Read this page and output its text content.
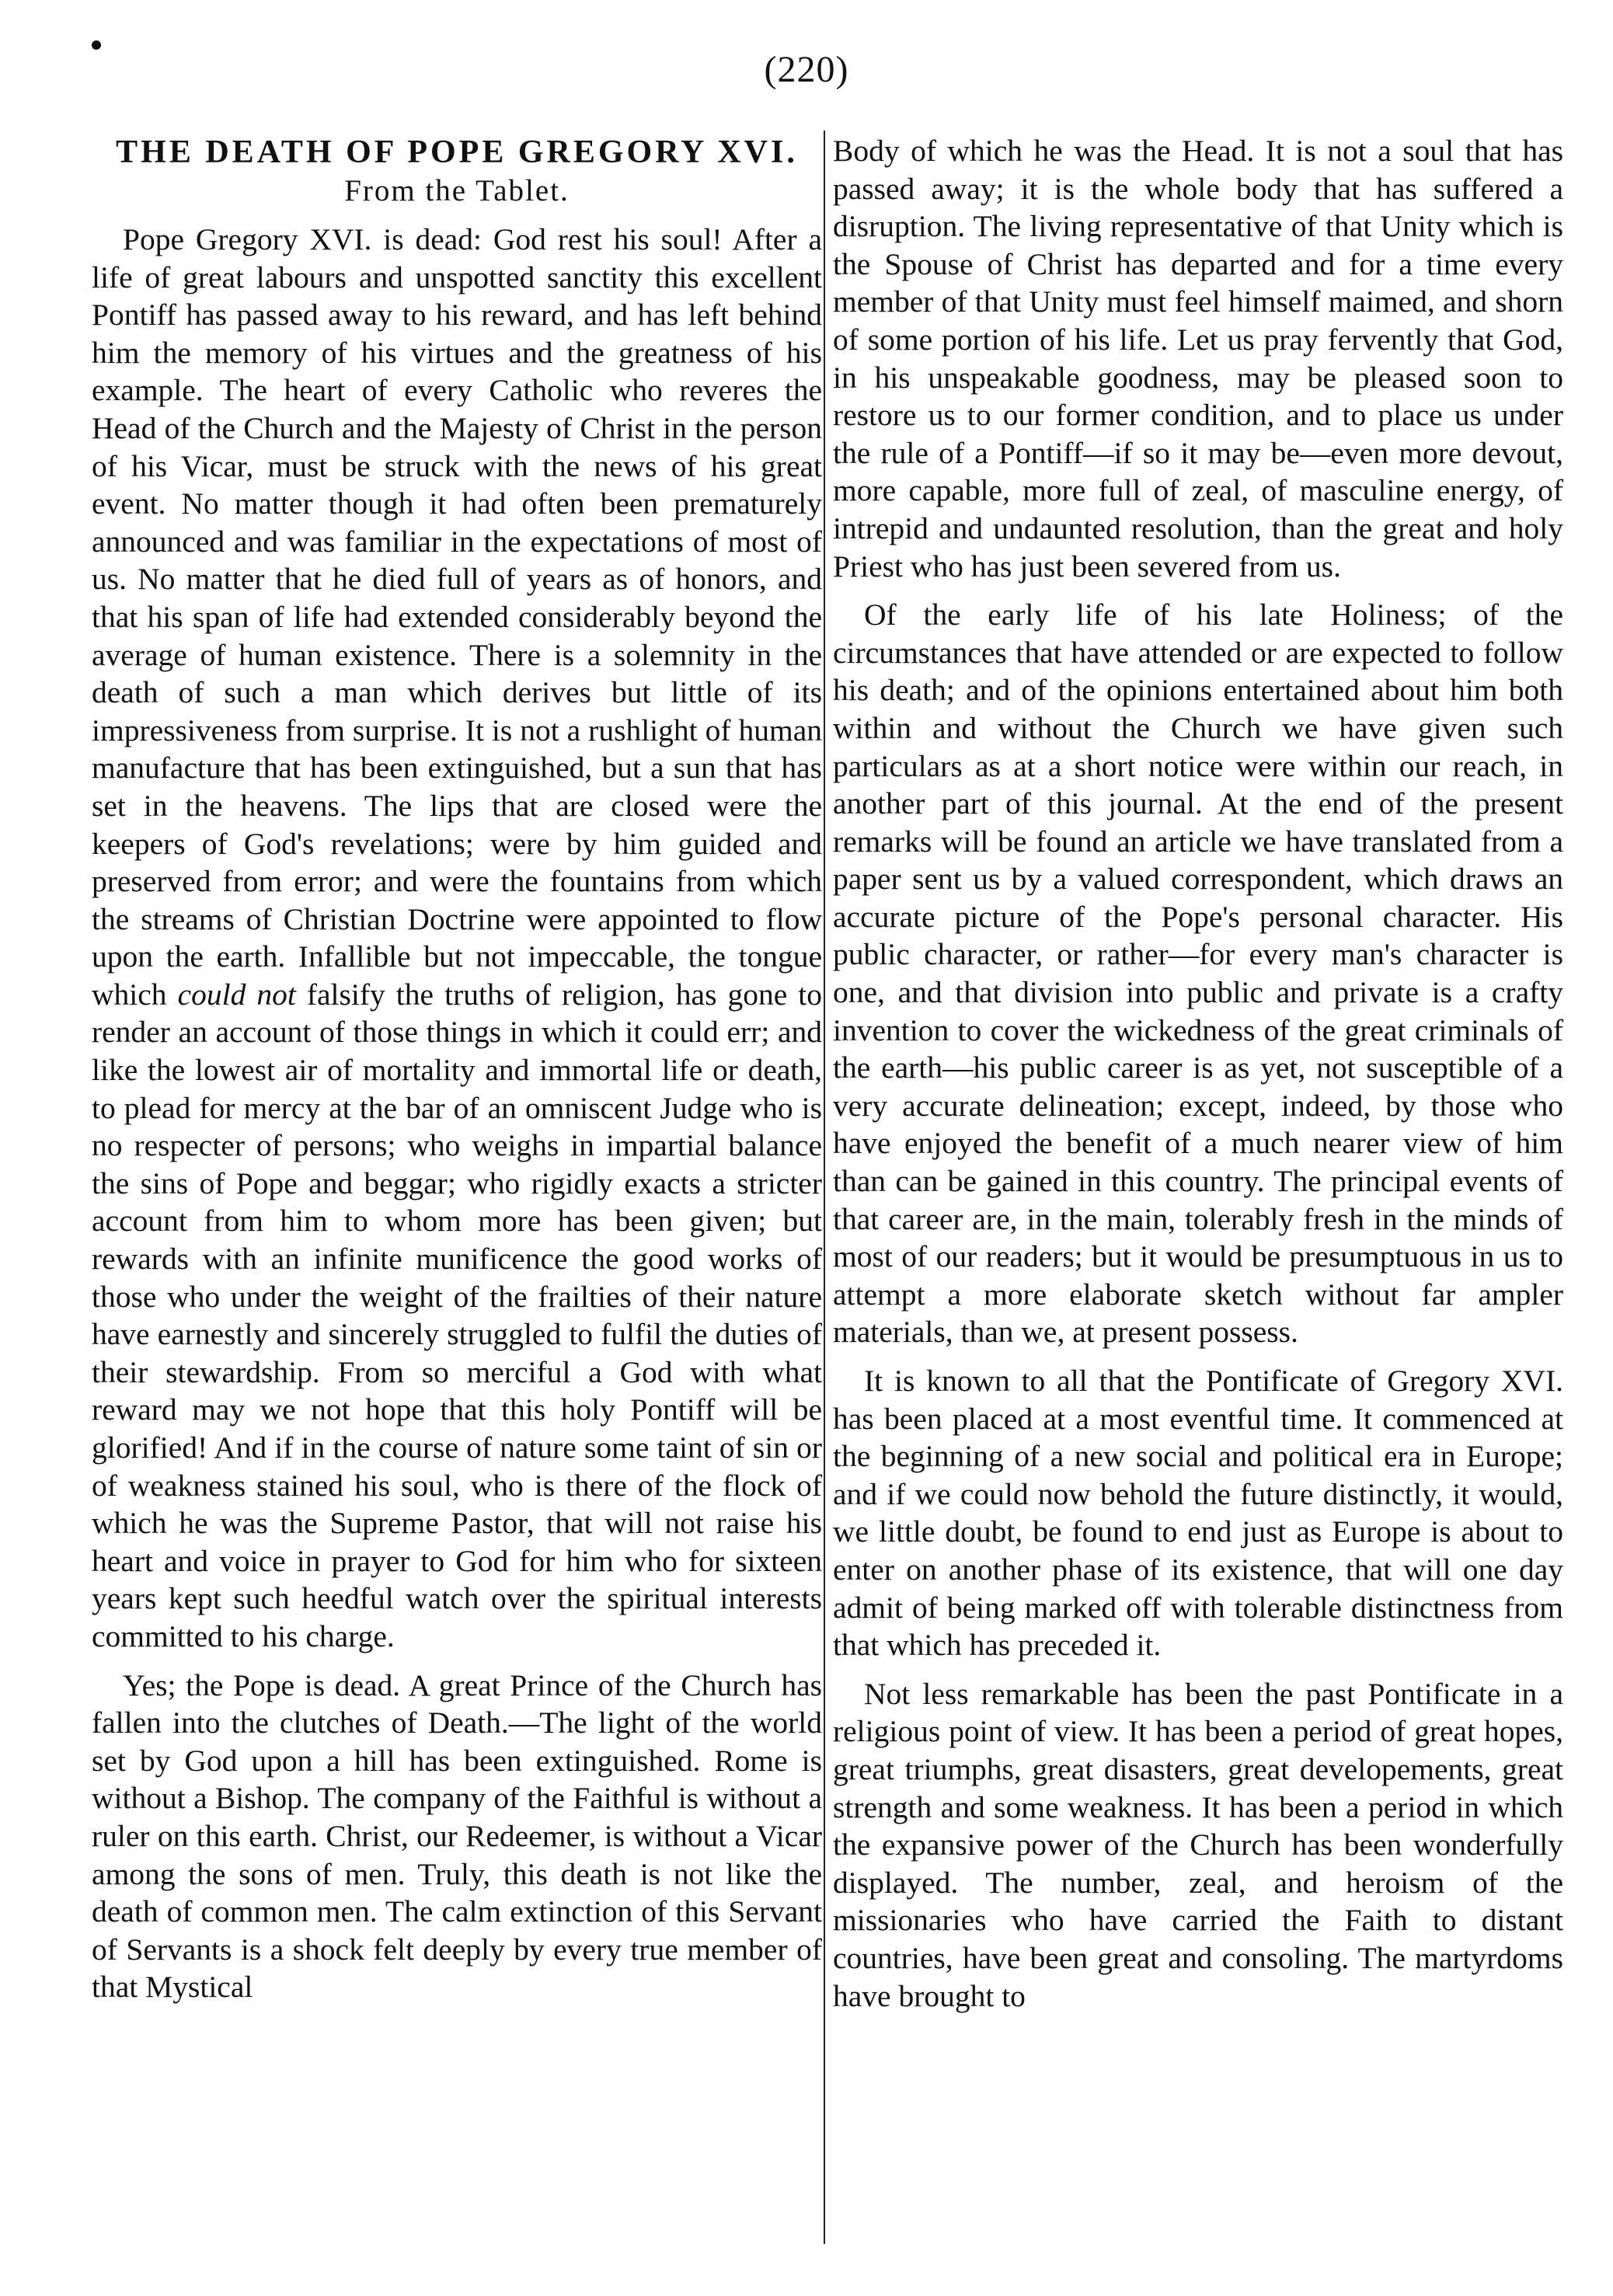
(220)
THE DEATH OF POPE GREGORY XVI.
From the Tablet.

Pope Gregory XVI. is dead: God rest his soul! After a life of great labours and unspotted sanctity this excellent Pontiff has passed away to his reward, and has left behind him the memory of his virtues and the greatness of his example. The heart of every Catholic who reveres the Head of the Church and the Majesty of Christ in the person of his Vicar, must be struck with the news of his great event. No matter though it had often been prematurely announced and was familiar in the expectations of most of us. No matter that he died full of years as of honors, and that his span of life had extended considerably beyond the average of human existence. There is a solemnity in the death of such a man which derives but little of its impressiveness from surprise. It is not a rushlight of human manufacture that has been extinguished, but a sun that has set in the heavens. The lips that are closed were the keepers of God's revelations; were by him guided and preserved from error; and were the fountains from which the streams of Christian Doctrine were appointed to flow upon the earth. Infallible but not impeccable, the tongue which could not falsify the truths of religion, has gone to render an account of those things in which it could err; and like the lowest air of mortality and immortal life or death, to plead for mercy at the bar of an omniscent Judge who is no respecter of persons; who weighs in impartial balance the sins of Pope and beggar; who rigidly exacts a stricter account from him to whom more has been given; but rewards with an infinite munificence the good works of those who under the weight of the frailties of their nature have earnestly and sincerely struggled to fulfil the duties of their stewardship. From so merciful a God with what reward may we not hope that this holy Pontiff will be glorified! And if in the course of nature some taint of sin or of weakness stained his soul, who is there of the flock of which he was the Supreme Pastor, that will not raise his heart and voice in prayer to God for him who for sixteen years kept such heedful watch over the spiritual interests committed to his charge.

Yes; the Pope is dead. A great Prince of the Church has fallen into the clutches of Death.—The light of the world set by God upon a hill has been extinguished. Rome is without a Bishop. The company of the Faithful is without a ruler on this earth. Christ, our Redeemer, is without a Vicar among the sons of men. Truly, this death is not like the death of common men. The calm extinction of this Servant of Servants is a shock felt deeply by every true member of that Mystical

Body of which he was the Head. It is not a soul that has passed away; it is the whole body that has suffered a disruption. The living representative of that Unity which is the Spouse of Christ has departed and for a time every member of that Unity must feel himself maimed, and shorn of some portion of his life. Let us pray fervently that God, in his unspeakable goodness, may be pleased soon to restore us to our former condition, and to place us under the rule of a Pontiff—if so it may be—even more devout, more capable, more full of zeal, of masculine energy, of intrepid and undaunted resolution, than the great and holy Priest who has just been severed from us.

Of the early life of his late Holiness; of the circumstances that have attended or are expected to follow his death; and of the opinions entertained about him both within and without the Church we have given such particulars as at a short notice were within our reach, in another part of this journal. At the end of the present remarks will be found an article we have translated from a paper sent us by a valued correspondent, which draws an accurate picture of the Pope's personal character. His public character, or rather—for every man's character is one, and that division into public and private is a crafty invention to cover the wickedness of the great criminals of the earth—his public career is as yet, not susceptible of a very accurate delineation; except, indeed, by those who have enjoyed the benefit of a much nearer view of him than can be gained in this country. The principal events of that career are, in the main, tolerably fresh in the minds of most of our readers; but it would be presumptuous in us to attempt a more elaborate sketch without far ampler materials, than we, at present possess.

It is known to all that the Pontificate of Gregory XVI. has been placed at a most eventful time. It commenced at the beginning of a new social and political era in Europe; and if we could now behold the future distinctly, it would, we little doubt, be found to end just as Europe is about to enter on another phase of its existence, that will one day admit of being marked off with tolerable distinctness from that which has preceded it.

Not less remarkable has been the past Pontificate in a religious point of view. It has been a period of great hopes, great triumphs, great disasters, great developements, great strength and some weakness. It has been a period in which the expansive power of the Church has been wonderfully displayed. The number, zeal, and heroism of the missionaries who have carried the Faith to distant countries, have been great and consoling. The martyrdoms have brought to
